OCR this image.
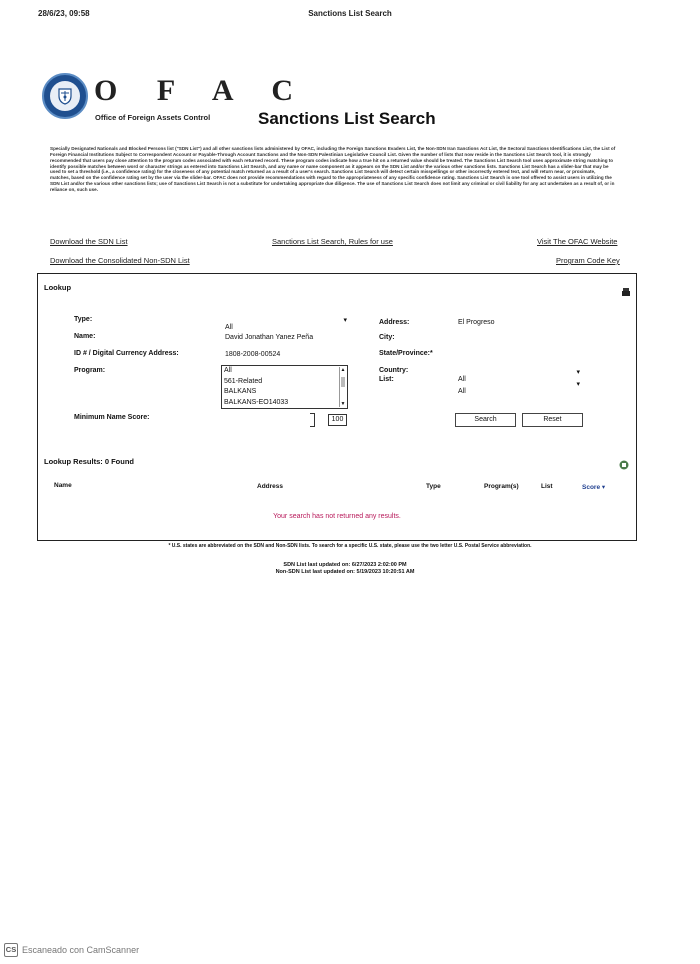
28/6/23, 09:58	Sanctions List Search
O F A C
Office of Foreign Assets Control	Sanctions List Search
Specially Designated Nationals and Blocked Persons list ("SDN List") and all other sanctions lists administered by OFAC, including the Foreign Sanctions Evaders List, the Non-SDN Iran Sanctions Act List, the Sectoral Sanctions Identifications List, the List of Foreign Financial Institutions Subject to Correspondent Account or Payable-Through Account Sanctions and the Non-SDN Palestinian Legislative Council List. Given the number of lists that now reside in the Sanctions List Search tool, it is strongly recommended that users pay close attention to the program codes associated with each returned record. These program codes indicate how a true hit on a returned value should be treated. The Sanctions List Search tool uses approximate string matching to identify possible matches between word or character strings as entered into Sanctions List Search, and any name or name component as it appears on the SDN List and/or the various other sanctions lists. Sanctions List Search has a slider-bar that may be used to set a threshold (i.e., a confidence rating) for the closeness of any potential match returned as a result of a user's search. Sanctions List Search will detect certain misspellings or other incorrectly entered text, and will return near, or proximate, matches, based on the confidence rating set by the user via the slider-bar. OFAC does not provide recommendations with regard to the appropriateness of any specific confidence rating. Sanctions List Search is one tool offered to assist users in utilizing the SDN List and/or the various other sanctions lists; use of Sanctions List Search is not a substitute for undertaking appropriate due diligence. The use of Sanctions List Search does not limit any criminal or civil liability for any act undertaken as a result of, or in reliance on, such use.
Download the SDN List	Sanctions List Search, Rules for use	Visit The OFAC Website
Download the Consolidated Non-SDN List	Program Code Key
Lookup
Type:
All
▾
Name:	David Jonathan Yanez Peña
ID # / Digital Currency Address:	1808-2008-00524
Program:	All
561-Related
BALKANS
BALKANS-EO14033
▲
▼
Minimum Name Score:	100
Address:	El Progreso
City:
State/Province:*
Country:
All
▾
List:
All
▾
Search	Reset
Lookup Results: 0 Found
Name	Address	Type	Program(s)	List	Score ▾
Your search has not returned any results.
* U.S. states are abbreviated on the SDN and Non-SDN lists. To search for a specific U.S. state, please use the two letter U.S. Postal Service abbreviation.
SDN List last updated on: 6/27/2023 2:02:00 PM
Non-SDN List last updated on: 5/19/2023 10:20:51 AM
CS Escaneado con CamScanner
